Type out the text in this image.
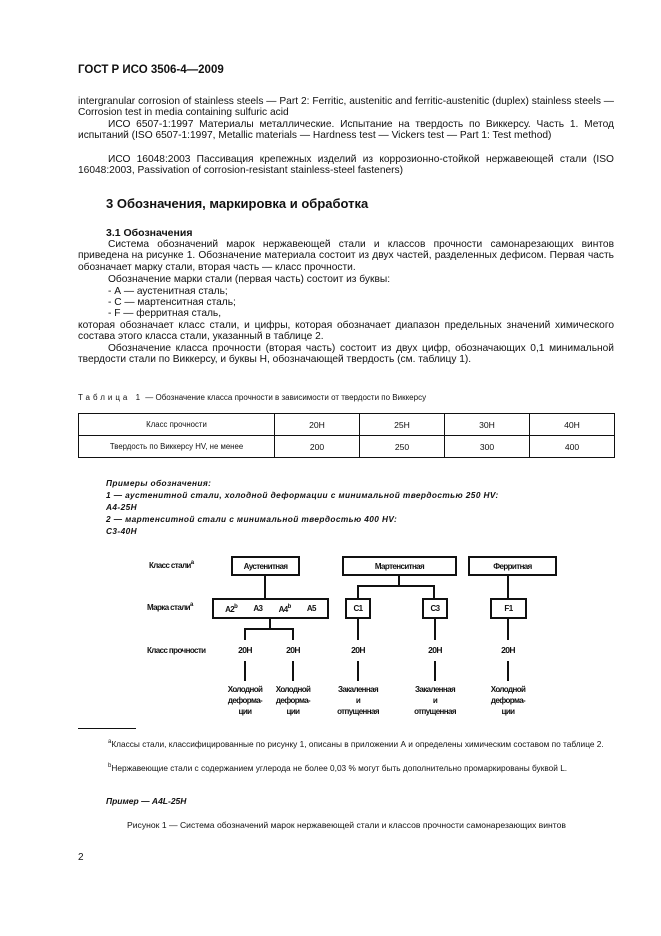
ГОСТ Р ИСО 3506-4—2009
intergranular corrosion of stainless steels — Part 2: Ferritic, austenitic and ferritic-austenitic (duplex) stainless steels — Corrosion test in media containing sulfuric acid
ИСО 6507-1:1997 Материалы металлические. Испытание на твердость по Виккерсу. Часть 1. Метод испытаний (ISO 6507-1:1997, Metallic materials — Hardness test — Vickers test — Part 1: Test method)
ИСО 16048:2003 Пассивация крепежных изделий из коррозионно-стойкой нержавеющей стали (ISO 16048:2003, Passivation of corrosion-resistant stainless-steel fasteners)
3 Обозначения, маркировка и обработка
3.1 Обозначения
Система обозначений марок нержавеющей стали и классов прочности самонарезающих винтов приведена на рисунке 1. Обозначение материала состоит из двух частей, разделенных дефисом. Первая часть обозначает марку стали, вторая часть — класс прочности.
Обозначение марки стали (первая часть) состоит из буквы:
- А — аустенитная сталь;
- С — мартенситная сталь;
- F — ферритная сталь,
которая обозначает класс стали, и цифры, которая обозначает диапазон предельных значений химического состава этого класса стали, указанный в таблице 2.
Обозначение класса прочности (вторая часть) состоит из двух цифр, обозначающих 0,1 минимальной твердости стали по Виккерсу, и буквы Н, обозначающей твердость (см. таблицу 1).
Таблица 1 — Обозначение класса прочности в зависимости от твердости по Виккерсу
Класс прочности	20H	25H	30H	40H
Твердость по Виккерсу HV, не менее	200	250	300	400
Примеры обозначения:
1 — аустенитной стали, холодной деформации с минимальной твердостью 250 HV:
А4-25Н
2 — мартенситной стали с минимальной твердостью 400 HV:
С3-40Н
Класс стали$^a$
Марка стали$^a$
Класс прочности
Аустенитная	Мартенситная	Ферритная
A2$^b$ A3 A4$^b$ A5	C1	C3	F1
20H	20H	20H	20H	20H
Холодной
деформа-
ции
Холодной
деформа-
ции
Закаленная
и
отпущенная
Закаленная
и
отпущенная
Холодной
деформа-
ции
$^a$Классы стали, классифицированные по рисунку 1, описаны в приложении А и определены химическим составом по таблице 2.
$^b$Нержавеющие стали с содержанием углерода не более 0,03 % могут быть дополнительно промаркированы буквой L.
Пример — А4L-25Н
Рисунок 1 — Система обозначений марок нержавеющей стали и классов прочности самонарезающих винтов
2
